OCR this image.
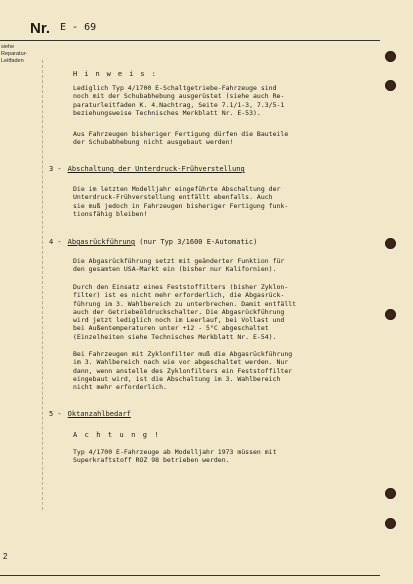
Nr. E - 69
siehe
Reparatur-
Leitfaden
H i n w e i s :
Lediglich Typ 4/1700 E-Schaltgetriebe-Fahrzeuge sind
noch mit der Schubabhebung ausgerüstet (siehe auch Re-
paraturleitfaden K. 4.Nachtrag, Seite 7.1/1-3, 7.3/5-1
beziehungsweise Technisches Merkblatt Nr. E-53).
Aus Fahrzeugen bisheriger Fertigung dürfen die Bauteile
der Schubabhebung nicht ausgebaut werden!
3 - Abschaltung der Unterdruck-Frühverstellung
Die im letzten Modelljahr eingeführte Abschaltung der
Unterdruck-Frühverstellung entfällt ebenfalls. Auch
sie muß jedoch in Fahrzeugen bisheriger Fertigung funk-
tionsfähig bleiben!
4 - Abgasrückführung (nur Typ 3/1600 E-Automatic)
Die Abgasrückführung setzt mit geänderter Funktion für
den gesamten USA-Markt ein (bisher nur Kalifornien).
Durch den Einsatz eines Feststoffilters (bisher Zyklon-
filter) ist es nicht mehr erforderlich, die Abgasrück-
führung im 3. Wahlbereich zu unterbrechen. Damit entfällt
auch der Getriebeöldruckschalter. Die Abgasrückführung
wird jetzt lediglich noch im Leerlauf, bei Vollast und
bei Außentemperaturen unter +12 - 5°C abgeschaltet
(Einzelheiten siehe Technisches Merkblatt Nr. E-54).
Bei Fahrzeugen mit Zyklonfilter muß die Abgasrückführung
im 3. Wahlbereich nach wie vor abgeschaltet werden. Nur
dann, wenn anstelle des Zyklonfilters ein Feststoffilter
eingebaut wird, ist die Abschaltung im 3. Wahlbereich
nicht mehr erforderlich.
5 - Oktanzahlbedarf
A c h t u n g !
Typ 4/1700 E-Fahrzeuge ab Modelljahr 1973 müssen mit
Superkraftstoff ROZ 98 betrieben werden.
2
